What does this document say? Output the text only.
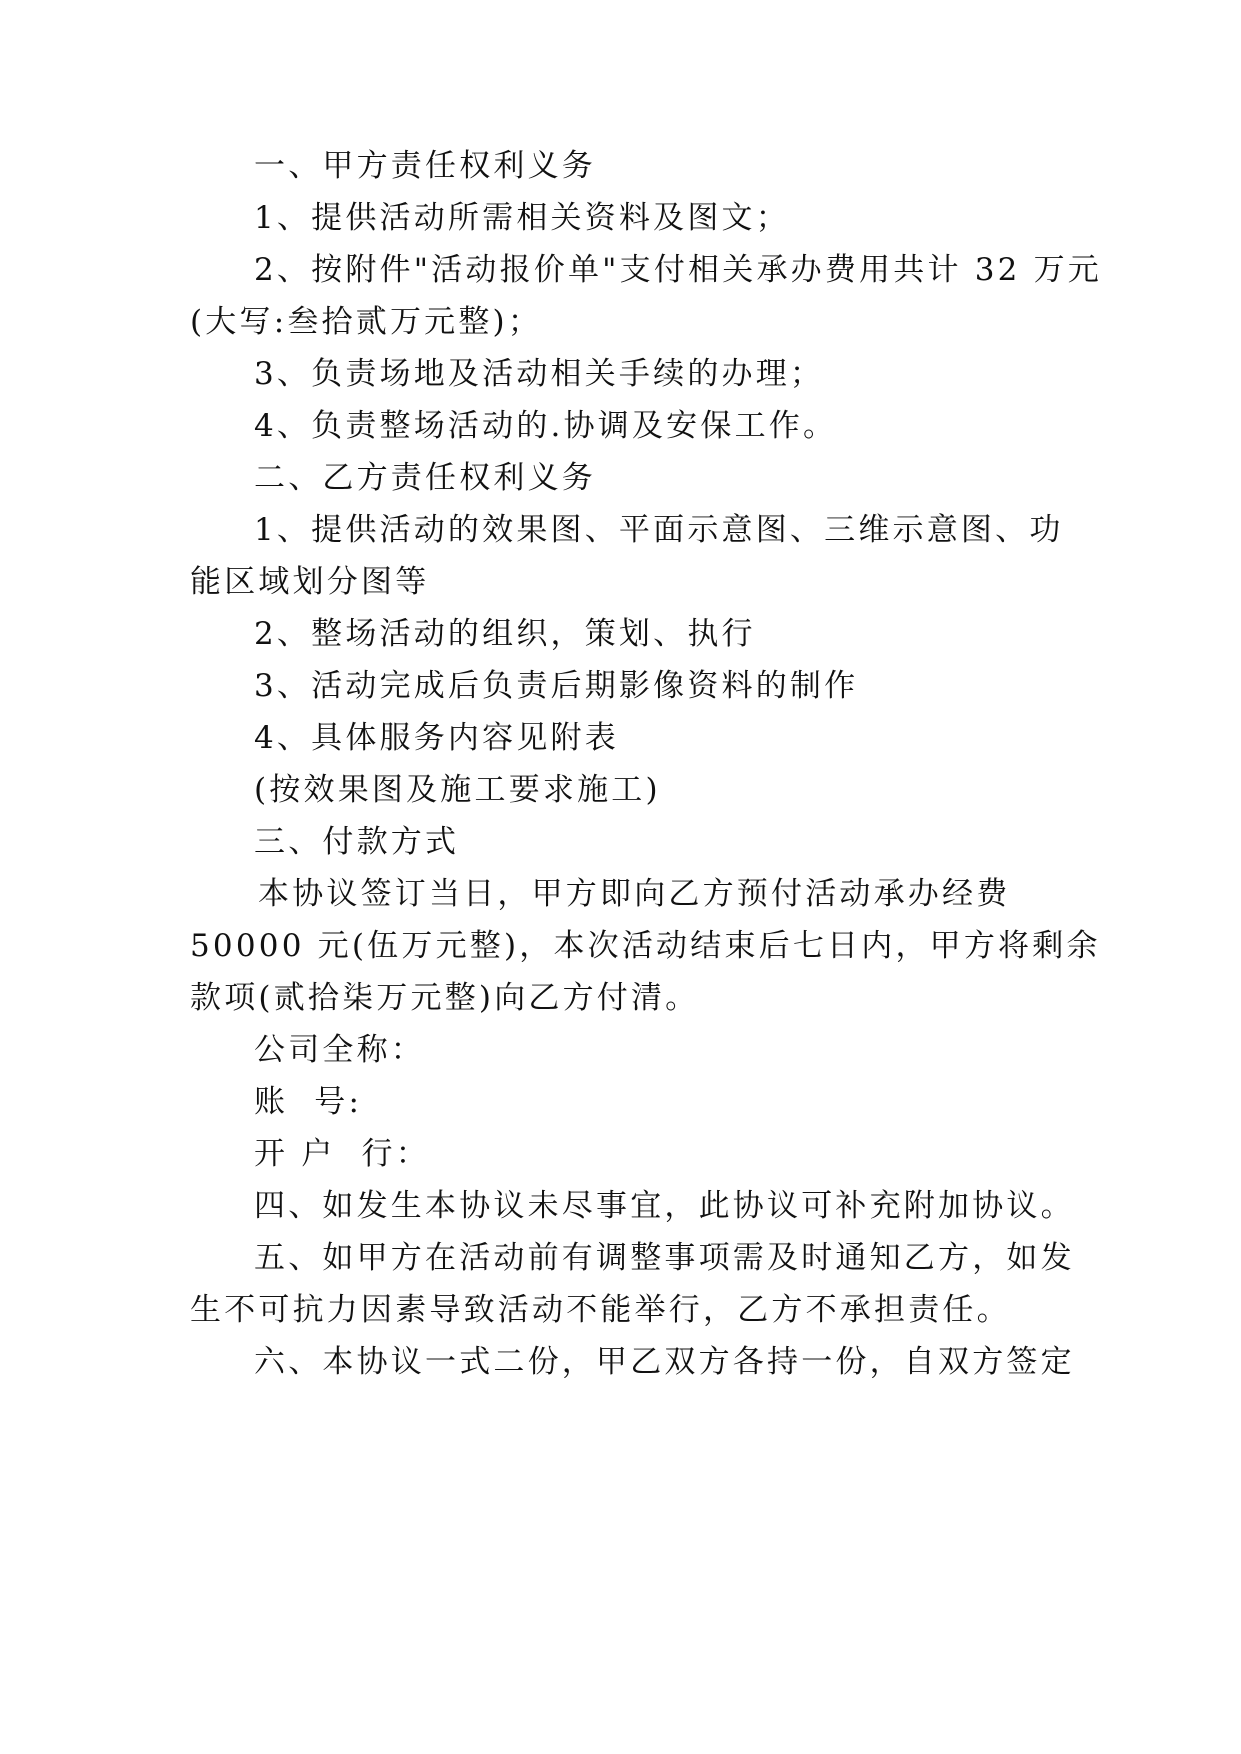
一、甲方责任权利义务
1、提供活动所需相关资料及图文；
2、按附件"活动报价单"支付相关承办费用共计 32 万元
(大写:叁拾贰万元整)；
3、负责场地及活动相关手续的办理；
4、负责整场活动的.协调及安保工作。
二、乙方责任权利义务
1、提供活动的效果图、平面示意图、三维示意图、功
能区域划分图等
2、整场活动的组织，策划、执行
3、活动完成后负责后期影像资料的制作
4、具体服务内容见附表
(按效果图及施工要求施工)
三、付款方式
本协议签订当日，甲方即向乙方预付活动承办经费
50000 元(伍万元整)，本次活动结束后七日内，甲方将剩余
款项(贰拾柒万元整)向乙方付清。
公司全称：
账  号:
开 户  行：
四、如发生本协议未尽事宜，此协议可补充附加协议。
五、如甲方在活动前有调整事项需及时通知乙方，如发
生不可抗力因素导致活动不能举行，乙方不承担责任。
六、本协议一式二份，甲乙双方各持一份，自双方签定
